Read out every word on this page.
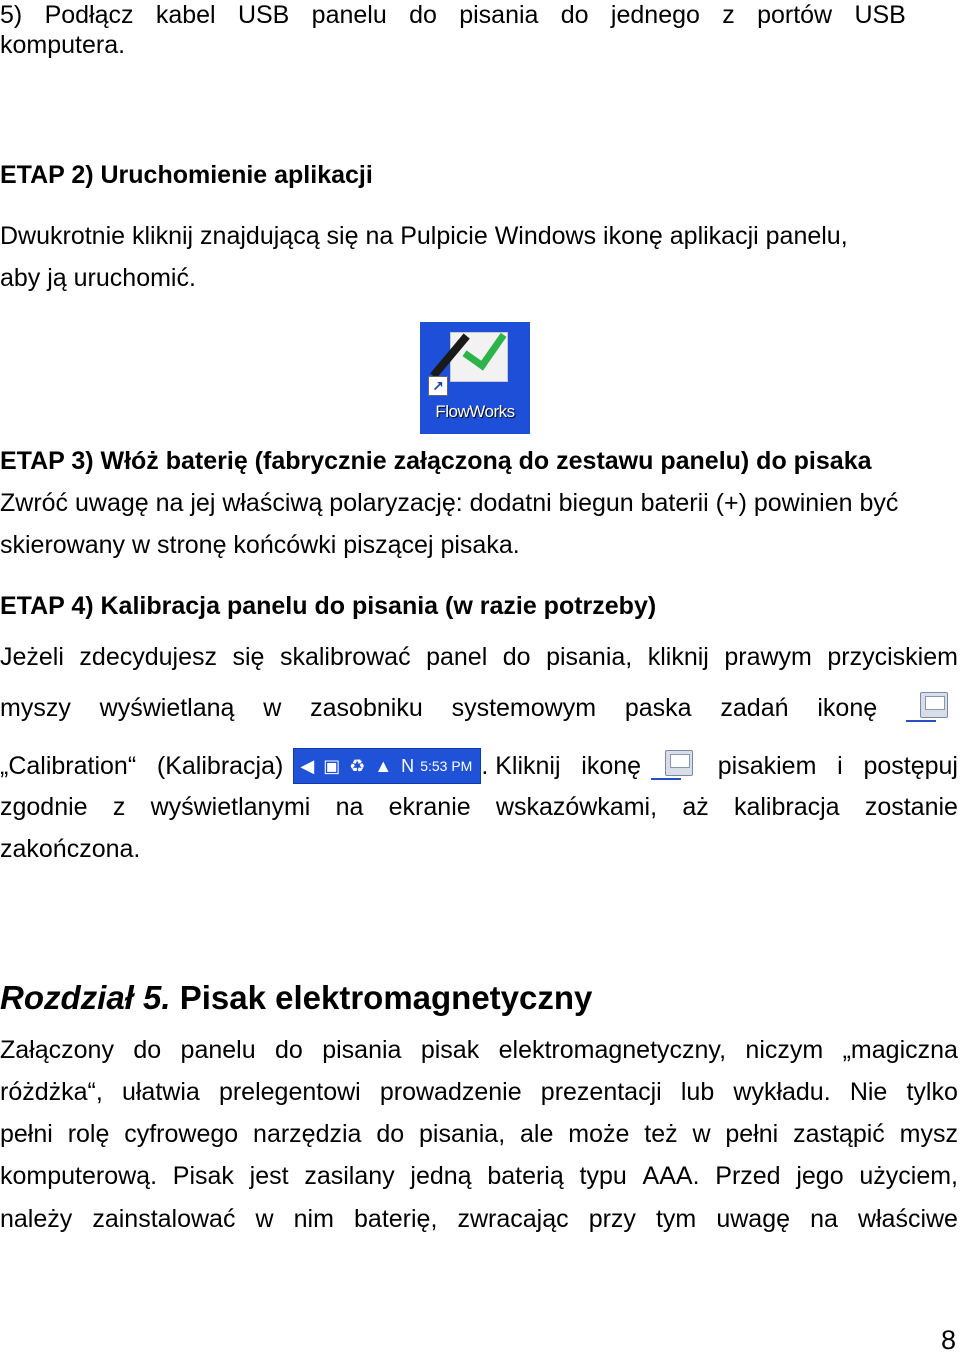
5) Podłącz kabel USB panelu do pisania do jednego z portów USB
komputera.
ETAP 2) Uruchomienie aplikacji
Dwukrotnie kliknij znajdującą się na Pulpicie Windows ikonę aplikacji panelu,
aby ją uruchomić.
↗
FlowWorks
ETAP 3) Włóż baterię (fabrycznie załączoną do zestawu panelu) do pisaka
Zwróć uwagę na jej właściwą polaryzację: dodatni biegun baterii (+) powinien być
skierowany w stronę końcówki piszącej pisaka.
ETAP 4) Kalibracja panelu do pisania (w razie potrzeby)
Jeżeli zdecydujesz się skalibrować panel do pisania, kliknij prawym przyciskiem
myszy wyświetlaną w zasobniku systemowym paska zadań ikonę
„Calibration“ (Kalibracja) ◀ ▣ ♻ ▲ N 5:53 PM . Kliknij ikonę	pisakiem i postępuj
zgodnie z wyświetlanymi na ekranie wskazówkami, aż kalibracja zostanie
zakończona.
Rozdział 5. Pisak elektromagnetyczny
Załączony do panelu do pisania pisak elektromagnetyczny, niczym „magiczna
różdżka“, ułatwia prelegentowi prowadzenie prezentacji lub wykładu. Nie tylko
pełni rolę cyfrowego narzędzia do pisania, ale może też w pełni zastąpić mysz
komputerową. Pisak jest zasilany jedną baterią typu AAA. Przed jego użyciem,
należy zainstalować w nim baterię, zwracając przy tym uwagę na właściwe
8
